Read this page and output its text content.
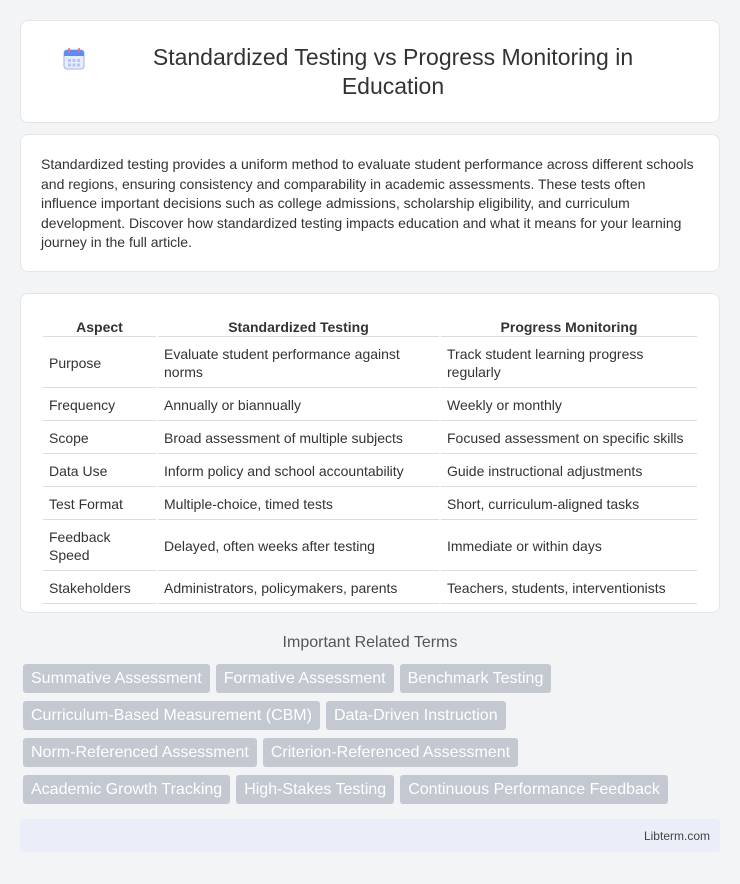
Standardized Testing vs Progress Monitoring in Education

Standardized testing provides a uniform method to evaluate student performance across different schools and regions, ensuring consistency and comparability in academic assessments. These tests often influence important decisions such as college admissions, scholarship eligibility, and curriculum development. Discover how standardized testing impacts education and what it means for your learning journey in the full article.

Aspect	Standardized Testing	Progress Monitoring
Purpose	Evaluate student performance against norms	Track student learning progress regularly
Frequency	Annually or biannually	Weekly or monthly
Scope	Broad assessment of multiple subjects	Focused assessment on specific skills
Data Use	Inform policy and school accountability	Guide instructional adjustments
Test Format	Multiple-choice, timed tests	Short, curriculum-aligned tasks
Feedback Speed	Delayed, often weeks after testing	Immediate or within days
Stakeholders	Administrators, policymakers, parents	Teachers, students, interventionists
Important Related Terms
Summative Assessment	Formative Assessment	Benchmark Testing
Curriculum-Based Measurement (CBM)	Data-Driven Instruction
Norm-Referenced Assessment	Criterion-Referenced Assessment
Academic Growth Tracking	High-Stakes Testing	Continuous Performance Feedback
Libterm.com
